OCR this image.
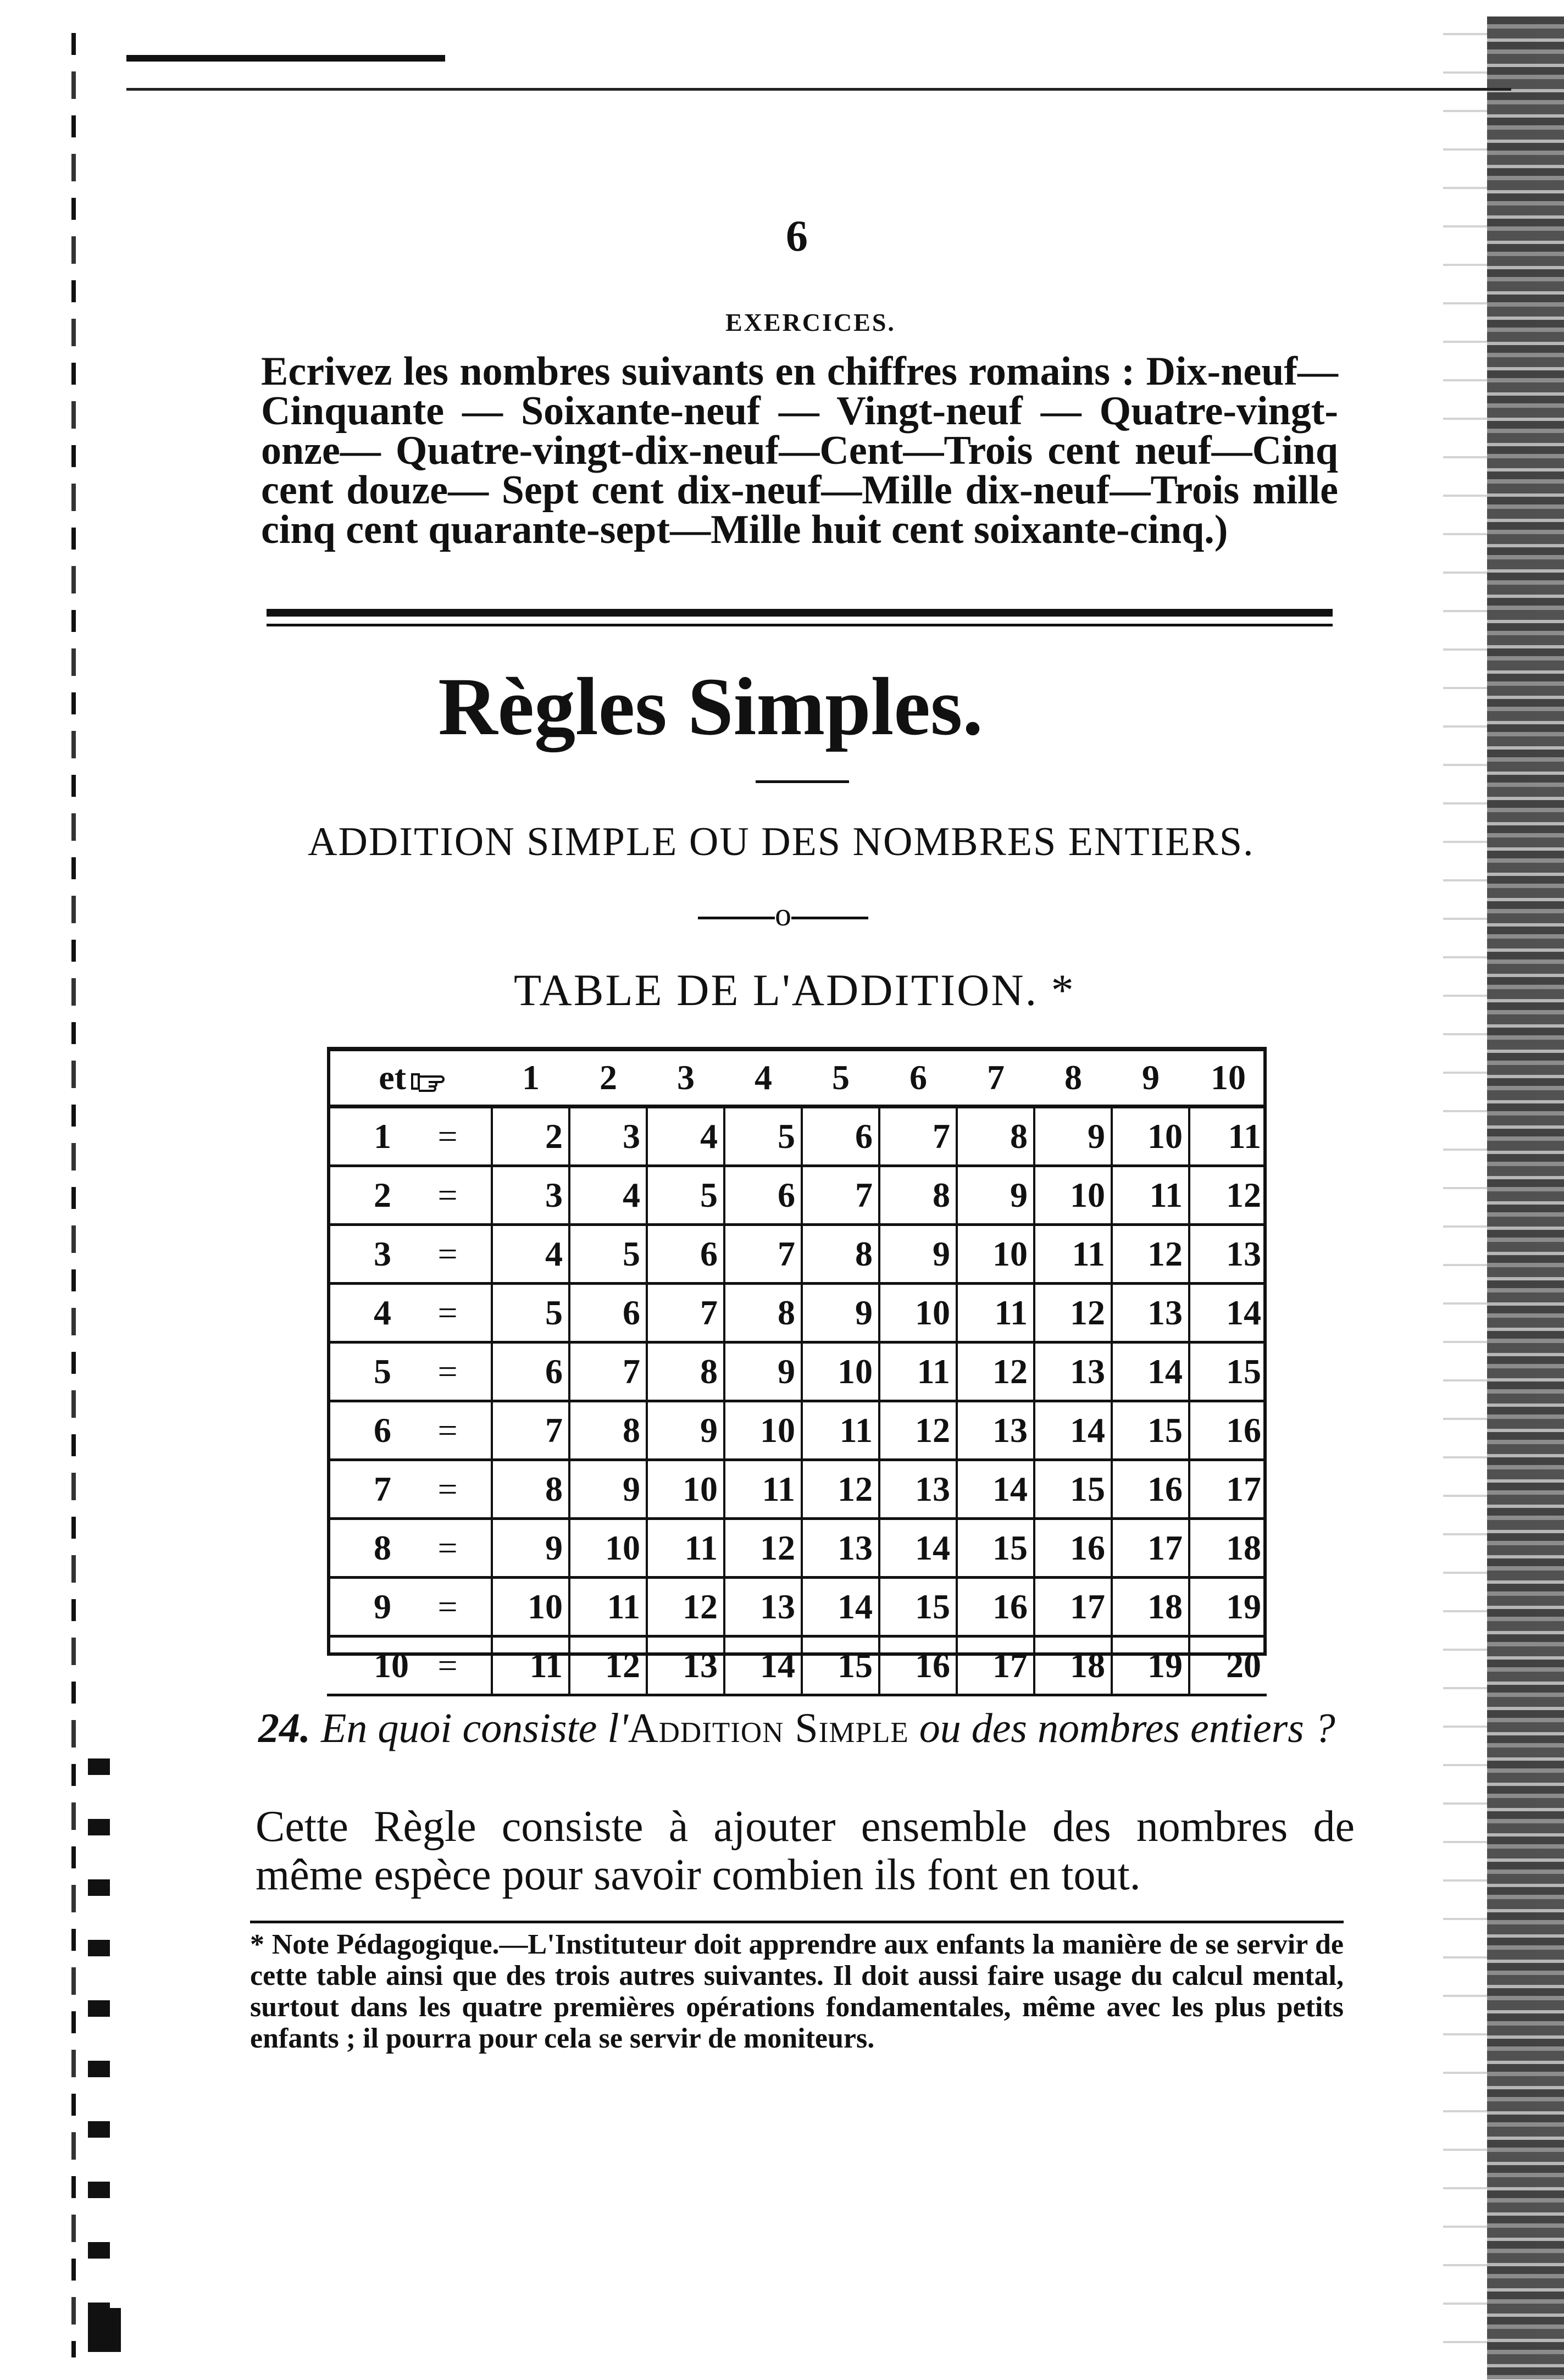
6
EXERCICES.
Ecrivez les nombres suivants en chiffres romains : Dix-neuf— Cinquante — Soixante-neuf — Vingt-neuf — Quatre-vingt-onze— Quatre-vingt-dix-neuf—Cent—Trois cent neuf—Cinq cent douze— Sept cent dix-neuf—Mille dix-neuf—Trois mille cinq cent quarante-sept—Mille huit cent soixante-cinq.)
Règles Simples.
ADDITION SIMPLE OU DES NOMBRES ENTIERS.
o
TABLE DE L'ADDITION. *
et		1	2	3	4	5	6	7	8	9	10
1	=	2	3	4	5	6	7	8	9	10	11
2	=	3	4	5	6	7	8	9	10	11	12
3	=	4	5	6	7	8	9	10	11	12	13
4	=	5	6	7	8	9	10	11	12	13	14
5	=	6	7	8	9	10	11	12	13	14	15
6	=	7	8	9	10	11	12	13	14	15	16
7	=	8	9	10	11	12	13	14	15	16	17
8	=	9	10	11	12	13	14	15	16	17	18
9	=	10	11	12	13	14	15	16	17	18	19
10	=	11	12	13	14	15	16	17	18	19	20
24. En quoi consiste l'Addition Simple ou des nombres entiers ?
Cette Règle consiste à ajouter ensemble des nombres de même espèce pour savoir combien ils font en tout.
* Note Pédagogique.—L'Instituteur doit apprendre aux enfants la manière de se servir de cette table ainsi que des trois autres suivantes. Il doit aussi faire usage du calcul mental, surtout dans les quatre premières opérations fondamentales, même avec les plus petits enfants ; il pourra pour cela se servir de moniteurs.
